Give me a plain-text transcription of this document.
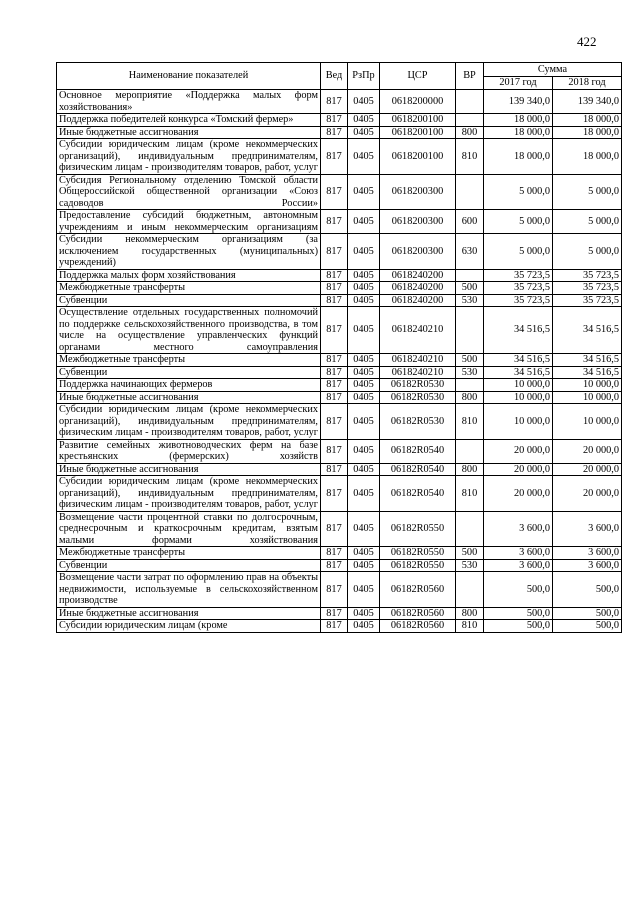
422
Наименование показателей	Вед	РзПр	ЦСР	ВР	Сумма	
					2017 год	2018 год
Основное мероприятие «Поддержка малых форм хозяйствования»	817	0405	0618200000		139 340,0	139 340,0
Поддержка победителей конкурса «Томский фермер»	817	0405	0618200100		18 000,0	18 000,0
Иные бюджетные ассигнования	817	0405	0618200100	800	18 000,0	18 000,0
Субсидии юридическим лицам (кроме некоммерческих организаций), индивидуальным предпринимателям, физическим лицам - производителям товаров, работ, услуг	817	0405	0618200100	810	18 000,0	18 000,0
Субсидия Региональному отделению Томской области Общероссийской общественной организации «Союз садоводов России»	817	0405	0618200300		5 000,0	5 000,0
Предоставление субсидий бюджетным, автономным учреждениям и иным некоммерческим организациям	817	0405	0618200300	600	5 000,0	5 000,0
Субсидии некоммерческим организациям (за исключением государственных (муниципальных) учреждений)	817	0405	0618200300	630	5 000,0	5 000,0
Поддержка малых форм хозяйствования	817	0405	0618240200		35 723,5	35 723,5
Межбюджетные трансферты	817	0405	0618240200	500	35 723,5	35 723,5
Субвенции	817	0405	0618240200	530	35 723,5	35 723,5
Осуществление отдельных государственных полномочий по поддержке сельскохозяйственного производства, в том числе на осуществление управленческих функций органами местного самоуправления	817	0405	0618240210		34 516,5	34 516,5
Межбюджетные трансферты	817	0405	0618240210	500	34 516,5	34 516,5
Субвенции	817	0405	0618240210	530	34 516,5	34 516,5
Поддержка начинающих фермеров	817	0405	06182R0530		10 000,0	10 000,0
Иные бюджетные ассигнования	817	0405	06182R0530	800	10 000,0	10 000,0
Субсидии юридическим лицам (кроме некоммерческих организаций), индивидуальным предпринимателям, физическим лицам - производителям товаров, работ, услуг	817	0405	06182R0530	810	10 000,0	10 000,0
Развитие семейных животноводческих ферм на базе крестьянских (фермерских) хозяйств	817	0405	06182R0540		20 000,0	20 000,0
Иные бюджетные ассигнования	817	0405	06182R0540	800	20 000,0	20 000,0
Субсидии юридическим лицам (кроме некоммерческих организаций), индивидуальным предпринимателям, физическим лицам - производителям товаров, работ, услуг	817	0405	06182R0540	810	20 000,0	20 000,0
Возмещение части процентной ставки по долгосрочным, среднесрочным и краткосрочным кредитам, взятым малыми формами хозяйствования	817	0405	06182R0550		3 600,0	3 600,0
Межбюджетные трансферты	817	0405	06182R0550	500	3 600,0	3 600,0
Субвенции	817	0405	06182R0550	530	3 600,0	3 600,0
Возмещение части затрат по оформлению прав на объекты недвижимости, используемые в сельскохозяйственном производстве	817	0405	06182R0560		500,0	500,0
Иные бюджетные ассигнования	817	0405	06182R0560	800	500,0	500,0
Субсидии юридическим лицам (кроме	817	0405	06182R0560	810	500,0	500,0
